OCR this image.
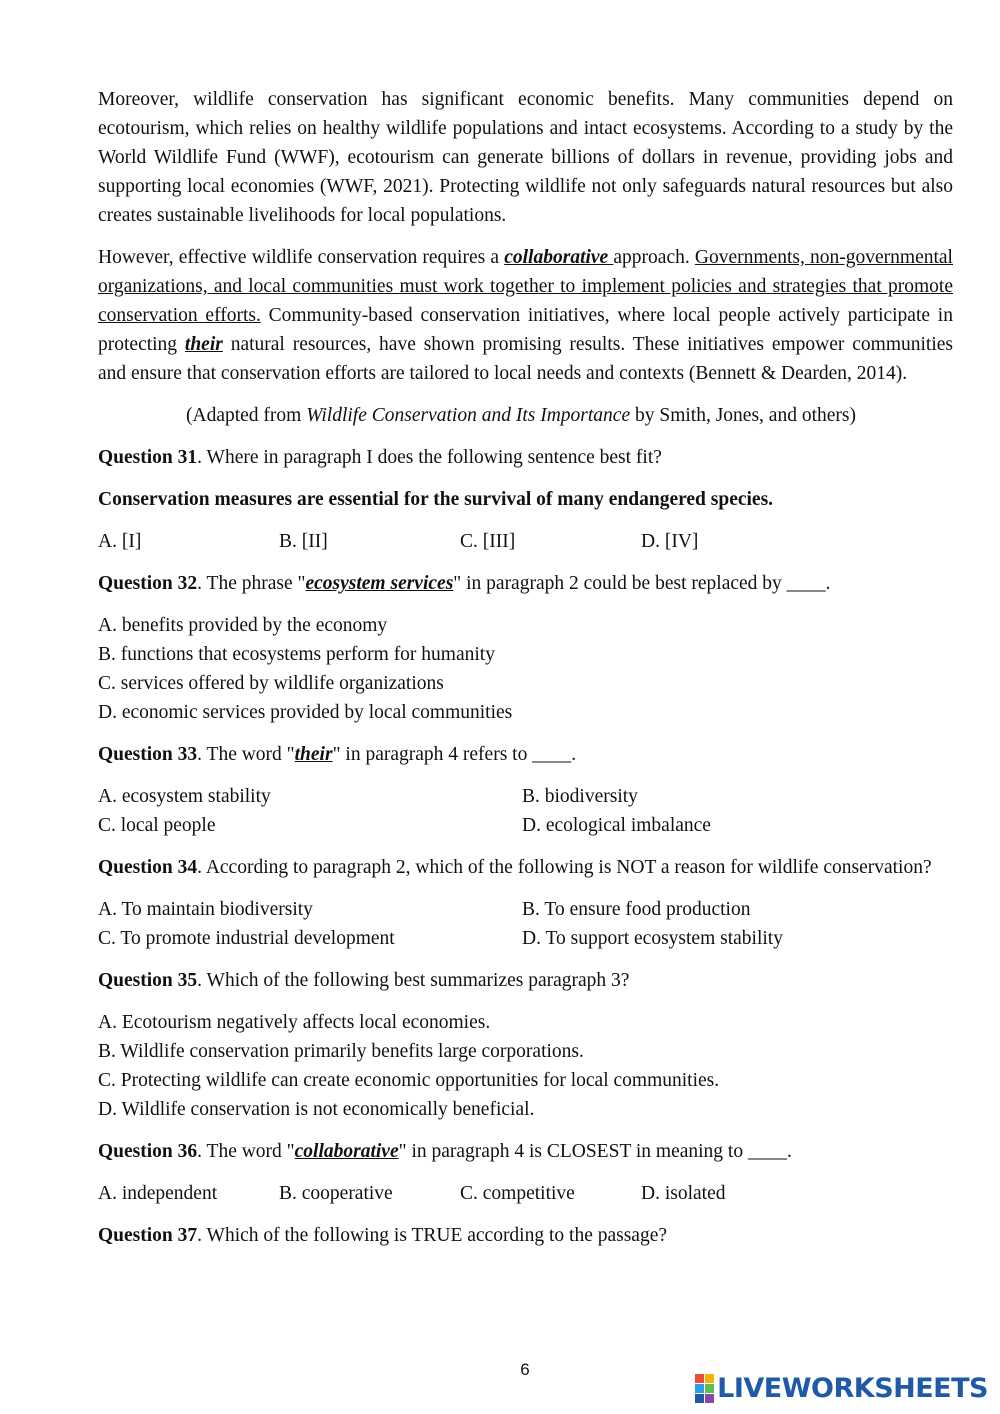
Moreover, wildlife conservation has significant economic benefits. Many communities depend on ecotourism, which relies on healthy wildlife populations and intact ecosystems. According to a study by the World Wildlife Fund (WWF), ecotourism can generate billions of dollars in revenue, providing jobs and supporting local economies (WWF, 2021). Protecting wildlife not only safeguards natural resources but also creates sustainable livelihoods for local populations.

However, effective wildlife conservation requires a collaborative approach. Governments, non-governmental organizations, and local communities must work together to implement policies and strategies that promote conservation efforts. Community-based conservation initiatives, where local people actively participate in protecting their natural resources, have shown promising results. These initiatives empower communities and ensure that conservation efforts are tailored to local needs and contexts (Bennett & Dearden, 2014).

(Adapted from Wildlife Conservation and Its Importance by Smith, Jones, and others)

Question 31. Where in paragraph I does the following sentence best fit?

Conservation measures are essential for the survival of many endangered species.

A. [I]	B. [II]	C. [III]	D. [IV]

Question 32. The phrase "ecosystem services" in paragraph 2 could be best replaced by ____.

A. benefits provided by the economy
B. functions that ecosystems perform for humanity
C. services offered by wildlife organizations
D. economic services provided by local communities

Question 33. The word "their" in paragraph 4 refers to ____.

A. ecosystem stability	B. biodiversity
C. local people	D. ecological imbalance

Question 34. According to paragraph 2, which of the following is NOT a reason for wildlife conservation?

A. To maintain biodiversity	B. To ensure food production
C. To promote industrial development	D. To support ecosystem stability

Question 35. Which of the following best summarizes paragraph 3?

A. Ecotourism negatively affects local economies.
B. Wildlife conservation primarily benefits large corporations.
C. Protecting wildlife can create economic opportunities for local communities.
D. Wildlife conservation is not economically beneficial.

Question 36. The word "collaborative" in paragraph 4 is CLOSEST in meaning to ____.

A. independent	B. cooperative	C. competitive	D. isolated

Question 37. Which of the following is TRUE according to the passage?

6
LIVEWORKSHEETS
